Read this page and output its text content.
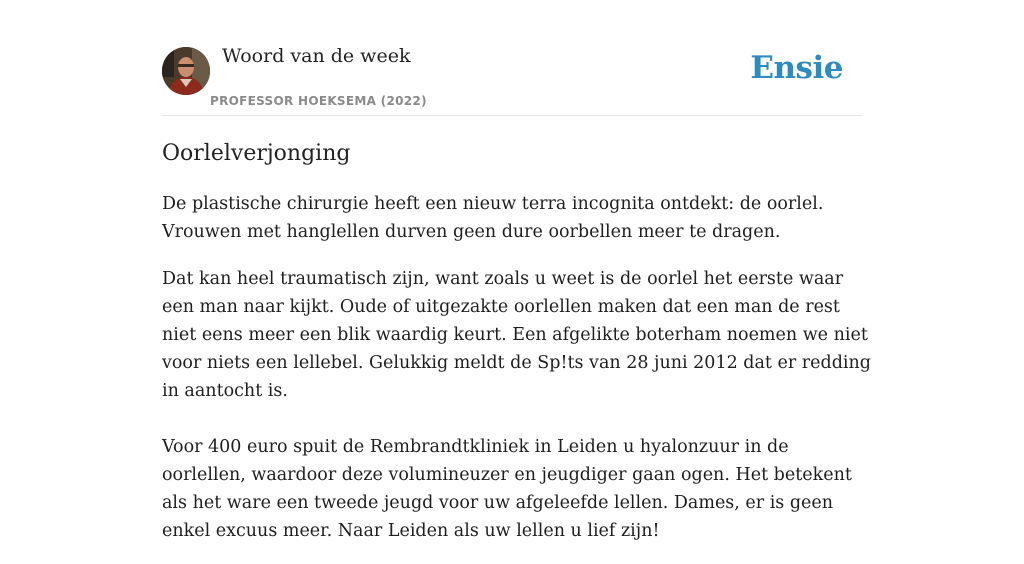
Woord van de week
PROFESSOR HOEKSEMA (2022)
Ensie
Oorlelverjonging

De plastische chirurgie heeft een nieuw terra incognita ontdekt: de oorlel. Vrouwen met hanglellen durven geen dure oorbellen meer te dragen.

Dat kan heel traumatisch zijn, want zoals u weet is de oorlel het eerste waar een man naar kijkt. Oude of uitgezakte oorlellen maken dat een man de rest niet eens meer een blik waardig keurt. Een afgelikte boterham noemen we niet voor niets een lellebel. Gelukkig meldt de Sp!ts van 28 juni 2012 dat er redding in aantocht is.

Voor 400 euro spuit de Rembrandtkliniek in Leiden u hyalonzuur in de oorlellen, waardoor deze volumineuzer en jeugdiger gaan ogen. Het betekent als het ware een tweede jeugd voor uw afgeleefde lellen. Dames, er is geen enkel excuus meer. Naar Leiden als uw lellen u lief zijn!
